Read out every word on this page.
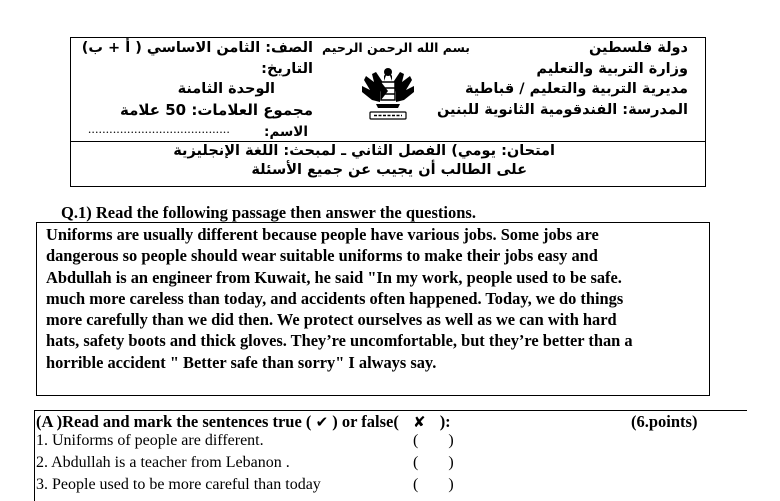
دولة فلسطين
وزارة التربية والتعليم
مديرية التربية والتعليم / قباطية
المدرسة: الفندقومية الثانوية للبنين
بسم الله الرحمن الرحيم
الصف: الثامن الاساسي ( أ + ب)
التاريخ:
الوحدة الثامنة
مجموع العلامات: 50 علامة
........................................	الاسم:
امتحان: يومي) الفصل الثاني ـ لمبحث: اللغة الإنجليزية
على الطالب أن يجيب عن جميع الأسئلة
Q.1) Read the following passage then answer the questions.
Uniforms are usually different because people have various jobs. Some jobs are
dangerous so people should wear suitable uniforms to make their jobs easy and
Abdullah is an engineer from Kuwait, he said "In my work, people used to be safe.
much more careless than today, and accidents often happened. Today, we do things
more carefully than we did then. We protect ourselves as well as we can with hard
hats, safety boots and thick gloves. They’re uncomfortable, but they’re better than a
horrible accident " Better safe than sorry" I always say.
(A )Read and mark the sentences true ( ✔ ) or false( ✘ ):	(6.points)
1. Uniforms of people are different.
2. Abdullah is a teacher from Lebanon .
3. People used to be more careful than today
( )
( )
( )
